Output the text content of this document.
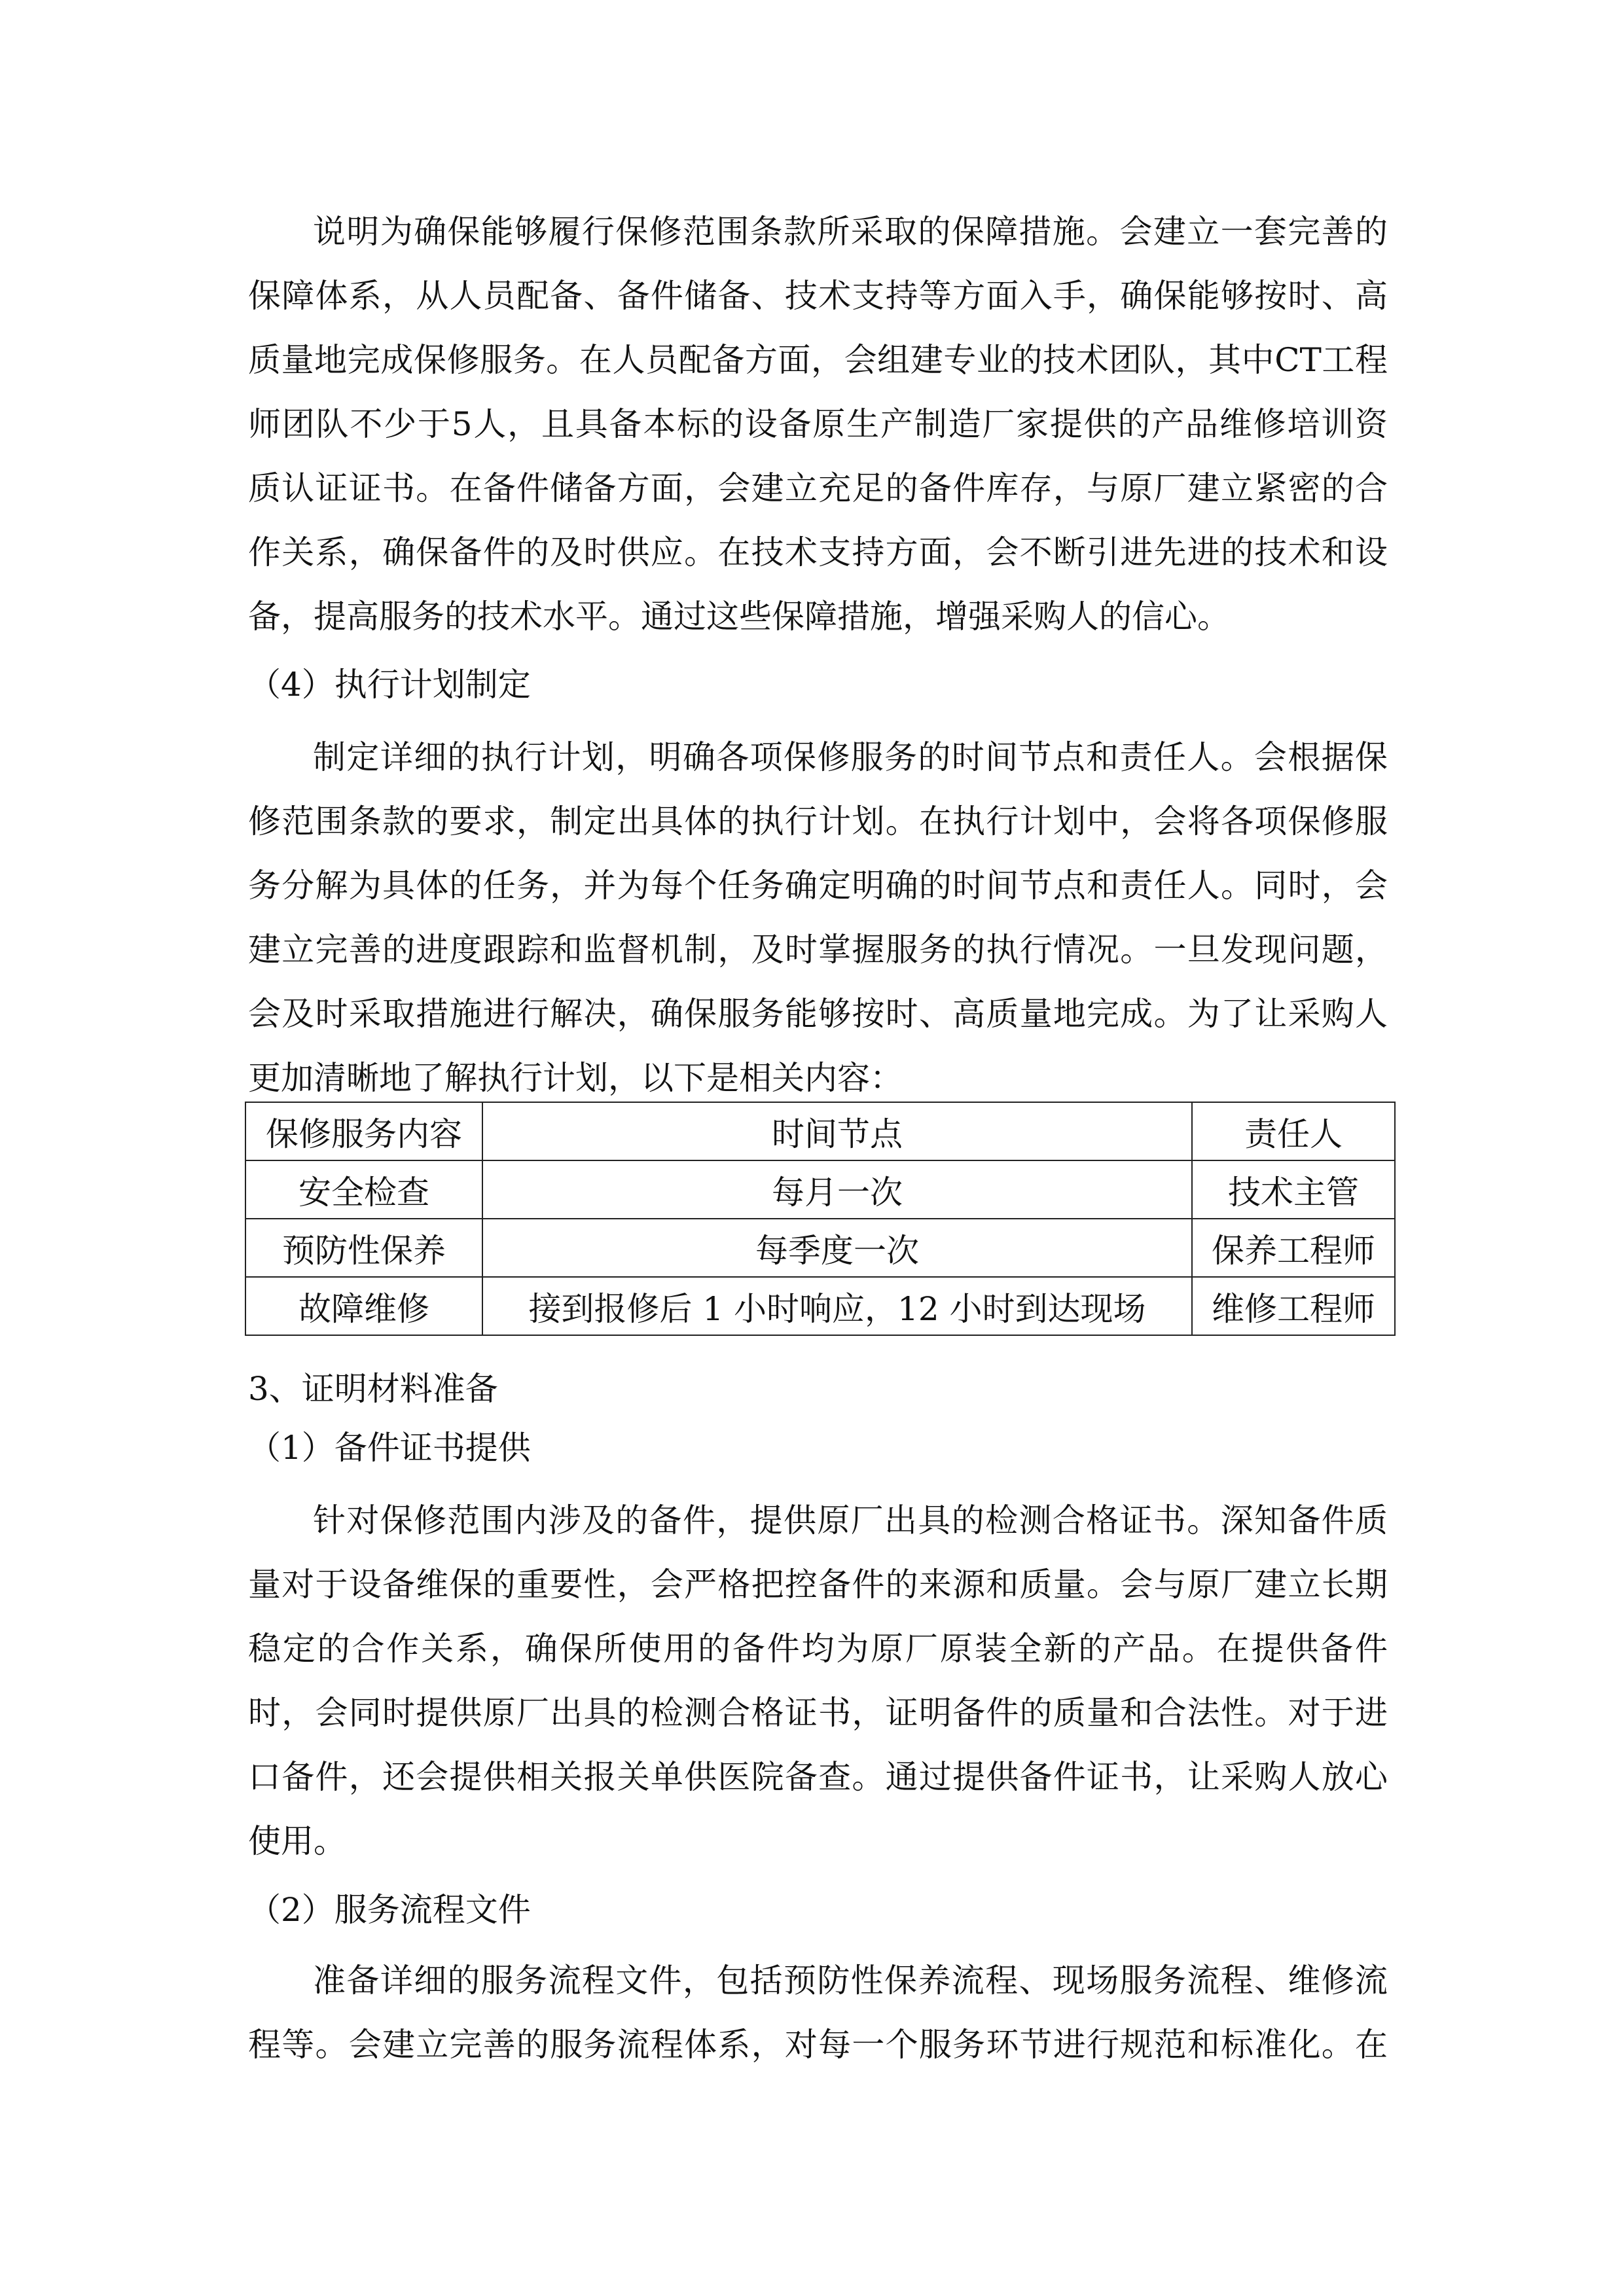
说明为确保能够履行保修范围条款所采取的保障措施。会建立一套完善的
保障体系，从人员配备、备件储备、技术支持等方面入手，确保能够按时、高
质量地完成保修服务。在人员配备方面，会组建专业的技术团队，其中CT工程
师团队不少于5人，且具备本标的设备原生产制造厂家提供的产品维修培训资
质认证证书。在备件储备方面，会建立充足的备件库存，与原厂建立紧密的合
作关系，确保备件的及时供应。在技术支持方面，会不断引进先进的技术和设
备，提高服务的技术水平。通过这些保障措施，增强采购人的信心。
（4）执行计划制定
制定详细的执行计划，明确各项保修服务的时间节点和责任人。会根据保
修范围条款的要求，制定出具体的执行计划。在执行计划中，会将各项保修服
务分解为具体的任务，并为每个任务确定明确的时间节点和责任人。同时，会
建立完善的进度跟踪和监督机制，及时掌握服务的执行情况。一旦发现问题，
会及时采取措施进行解决，确保服务能够按时、高质量地完成。为了让采购人
更加清晰地了解执行计划，以下是相关内容：
保修服务内容	时间节点	责任人
安全检查	每月一次	技术主管
预防性保养	每季度一次	保养工程师
故障维修	接到报修后 1 小时响应，12 小时到达现场	维修工程师
3、证明材料准备
（1）备件证书提供
针对保修范围内涉及的备件，提供原厂出具的检测合格证书。深知备件质
量对于设备维保的重要性，会严格把控备件的来源和质量。会与原厂建立长期
稳定的合作关系，确保所使用的备件均为原厂原装全新的产品。在提供备件
时，会同时提供原厂出具的检测合格证书，证明备件的质量和合法性。对于进
口备件，还会提供相关报关单供医院备查。通过提供备件证书，让采购人放心
使用。
（2）服务流程文件
准备详细的服务流程文件，包括预防性保养流程、现场服务流程、维修流
程等。会建立完善的服务流程体系，对每一个服务环节进行规范和标准化。在
